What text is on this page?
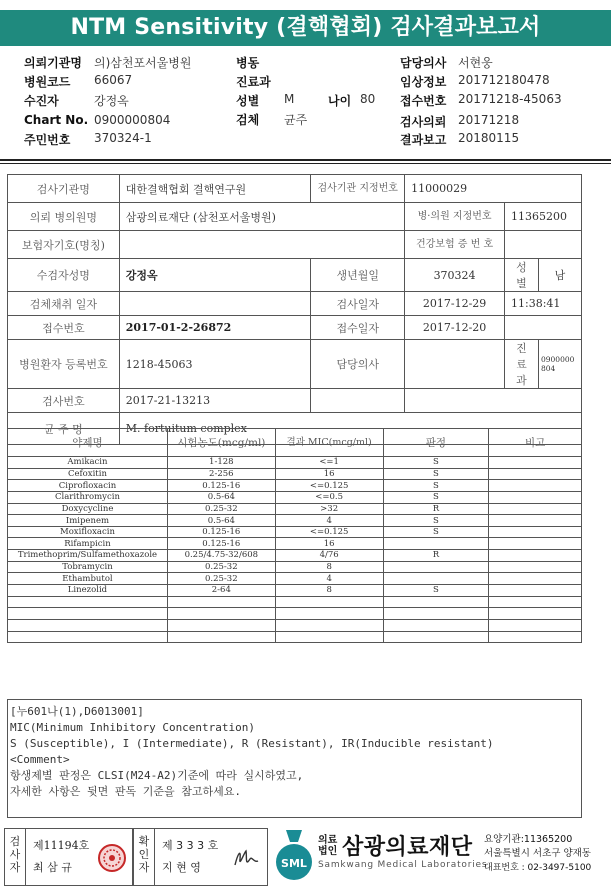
NTM Sensitivity (결핵협회) 검사결과보고서
의뢰기관명 의)삼천포서울병원
병원코드 66067
수진자	강정옥
Chart No. 0900000804
주민번호 370324-1
병동
진료과
성별 M	나이 80
검체 균주
담당의사 서현웅
임상정보 201712180478
접수번호 20171218-45063
검사의뢰 20171218
결과보고 20180115
검사기관명	대한결핵협회 결핵연구원	검사기관 지정번호	11000029		
의뢰 병의원명	삼광의료재단 (삼천포서울병원)		병·의원 지정번호	11365200	
보험자기호(명칭)			건강보험 증 번 호		
수검자성명	강정옥	생년월일	370324	성별	남
검체채취 일자		검사일자	2017-12-29	11:38:41	
접수번호	2017-01-2-26872	접수일자	2017-12-20		
병원환자 등록번호	1218-45063	담당의사		진료과	0900000804
검사번호	2017-21-13213				
균 주 명	M. fortuitum complex				
약제명	시험농도(mcg/ml)	결과 MIC(mcg/ml)	판정	비고
Amikacin	1-128	<=1	S	
Cefoxitin	2-256	16	S	
Ciprofloxacin	0.125-16	<=0.125	S	
Clarithromycin	0.5-64	<=0.5	S	
Doxycycline	0.25-32	>32	R	
Imipenem	0.5-64	4	S	
Moxifloxacin	0.125-16	<=0.125	S	
Rifampicin	0.125-16	16		
Trimethoprim/Sulfamethoxazole	0.25/4.75-32/608	4/76	R	
Tobramycin	0.25-32	8		
Ethambutol	0.25-32	4		
Linezolid	2-64	8	S	

[누601나(1),D6013001]
MIC(Minimum Inhibitory Concentration)
S (Susceptible), I (Intermediate), R (Resistant), IR(Inducible resistant)
<Comment>
항생제별 판정은 CLSI(M24-A2)기준에 따라 실시하였고,
자세한 사항은 뒷면 판독 기준을 참고하세요.
검사자
제11194호
최 삼 규
확인자
제 3 3 3 호
지 현 영	SML
의료
법인 삼광의료재단
Samkwang Medical Laboratories
요양기관:11365200
서울특별시 서초구 양재동
대표번호 : 02-3497-5100
